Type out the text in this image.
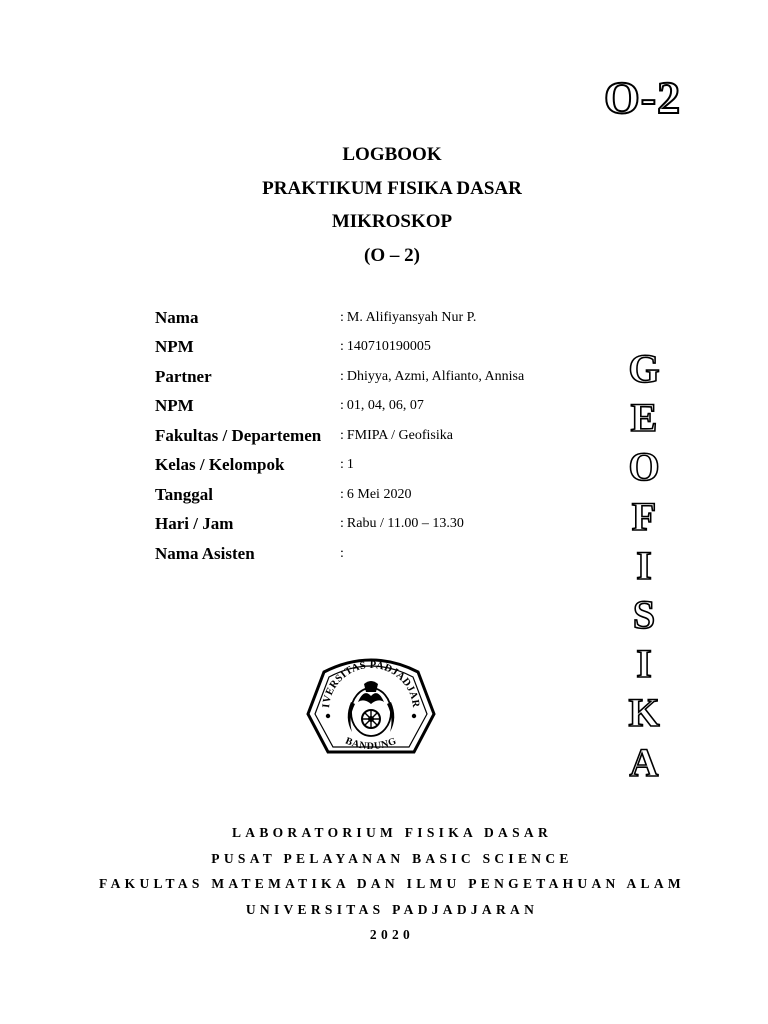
O-2
LOGBOOK
PRAKTIKUM FISIKA DASAR
MIKROSKOP
(O – 2)
Nama	: M. Alifiyansyah Nur P.
NPM	: 140710190005
Partner	: Dhiyya, Azmi, Alfianto, Annisa
NPM	: 01, 04, 06, 07
Fakultas / Departemen	: FMIPA / Geofisika
Kelas / Kelompok	: 1
Tanggal	: 6 Mei 2020
Hari / Jam	: Rabu / 11.00 – 13.30
Nama Asisten	:
G
E
O
F
I
S
I
K
A
IVERSITAS PADJADJAR
BANDUNG
LABORATORIUM FISIKA DASAR
PUSAT PELAYANAN BASIC SCIENCE
FAKULTAS MATEMATIKA DAN ILMU PENGETAHUAN ALAM
UNIVERSITAS PADJADJARAN
2020
